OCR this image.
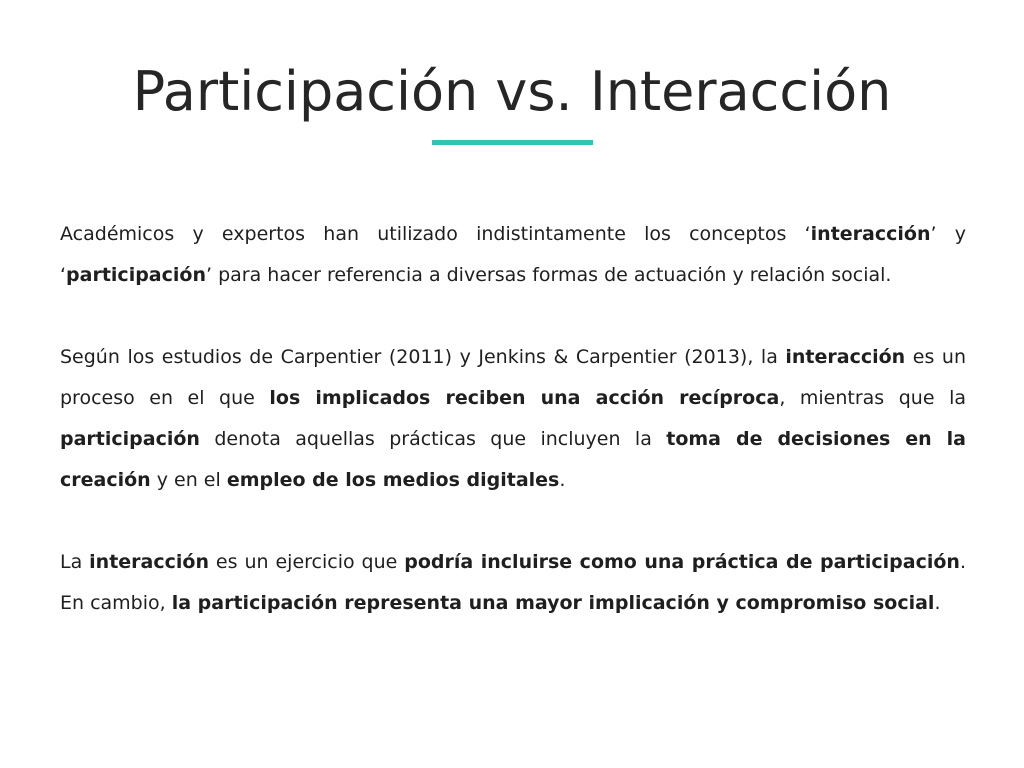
Participación vs. Interacción

Académicos y expertos han utilizado indistintamente los conceptos ‘interacción’ y ‘participación’ para hacer referencia a diversas formas de actuación y relación social.

Según los estudios de Carpentier (2011) y Jenkins & Carpentier (2013), la interacción es un proceso en el que los implicados reciben una acción recíproca, mientras que la participación denota aquellas prácticas que incluyen la toma de decisiones en la creación y en el empleo de los medios digitales.

La interacción es un ejercicio que podría incluirse como una práctica de participación. En cambio, la participación representa una mayor implicación y compromiso social.
